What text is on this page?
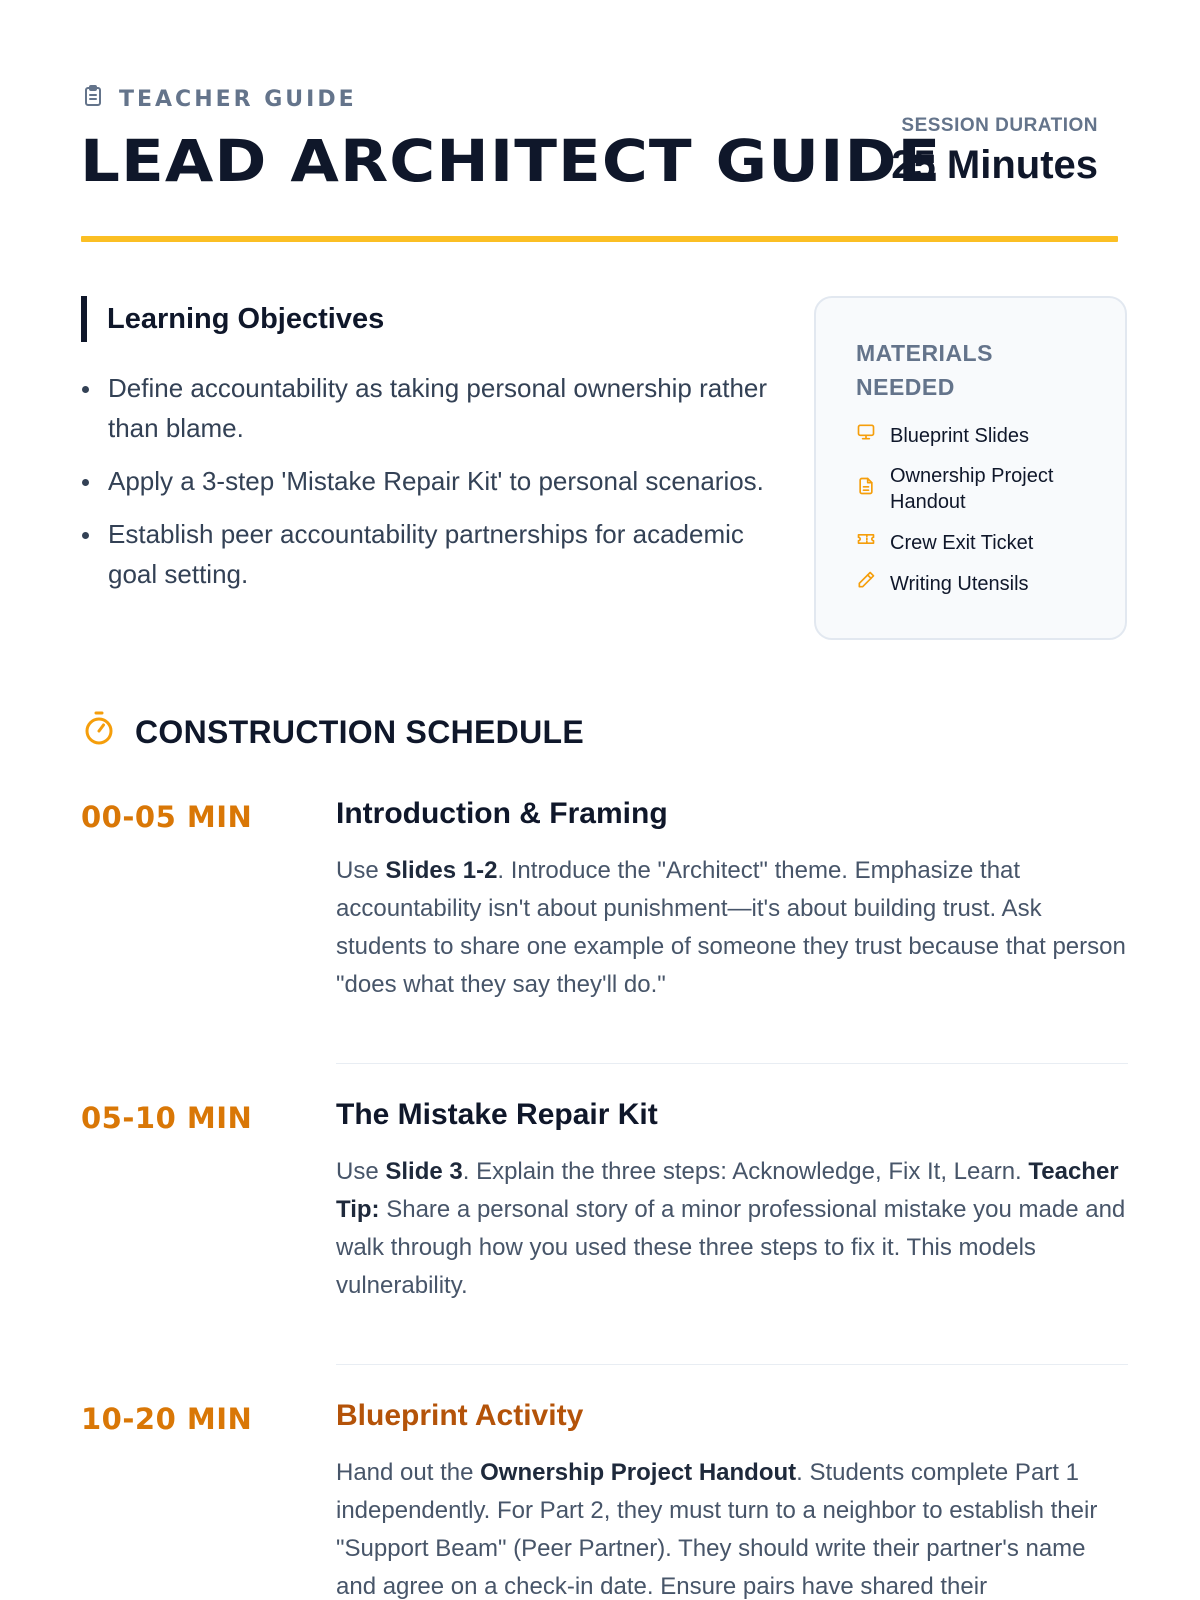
TEACHER GUIDE
LEAD ARCHITECT GUIDE
SESSION DURATION
25 Minutes
Learning Objectives
Define accountability as taking personal ownership rather than blame.
Apply a 3-step 'Mistake Repair Kit' to personal scenarios.
Establish peer accountability partnerships for academic goal setting.
MATERIALS NEEDED
Blueprint Slides
Ownership Project Handout
Crew Exit Ticket
Writing Utensils
CONSTRUCTION SCHEDULE
00-05 MIN	Introduction & Framing

Use Slides 1-2. Introduce the "Architect" theme. Emphasize that accountability isn't about punishment—it's about building trust. Ask students to share one example of someone they trust because that person "does what they say they'll do."

05-10 MIN	The Mistake Repair Kit

Use Slide 3. Explain the three steps: Acknowledge, Fix It, Learn. Teacher Tip: Share a personal story of a minor professional mistake you made and walk through how you used these three steps to fix it. This models vulnerability.

10-20 MIN	Blueprint Activity

Hand out the Ownership Project Handout. Students complete Part 1 independently. For Part 2, they must turn to a neighbor to establish their "Support Beam" (Peer Partner). They should write their partner's name and agree on a check-in date. Ensure pairs have shared their
